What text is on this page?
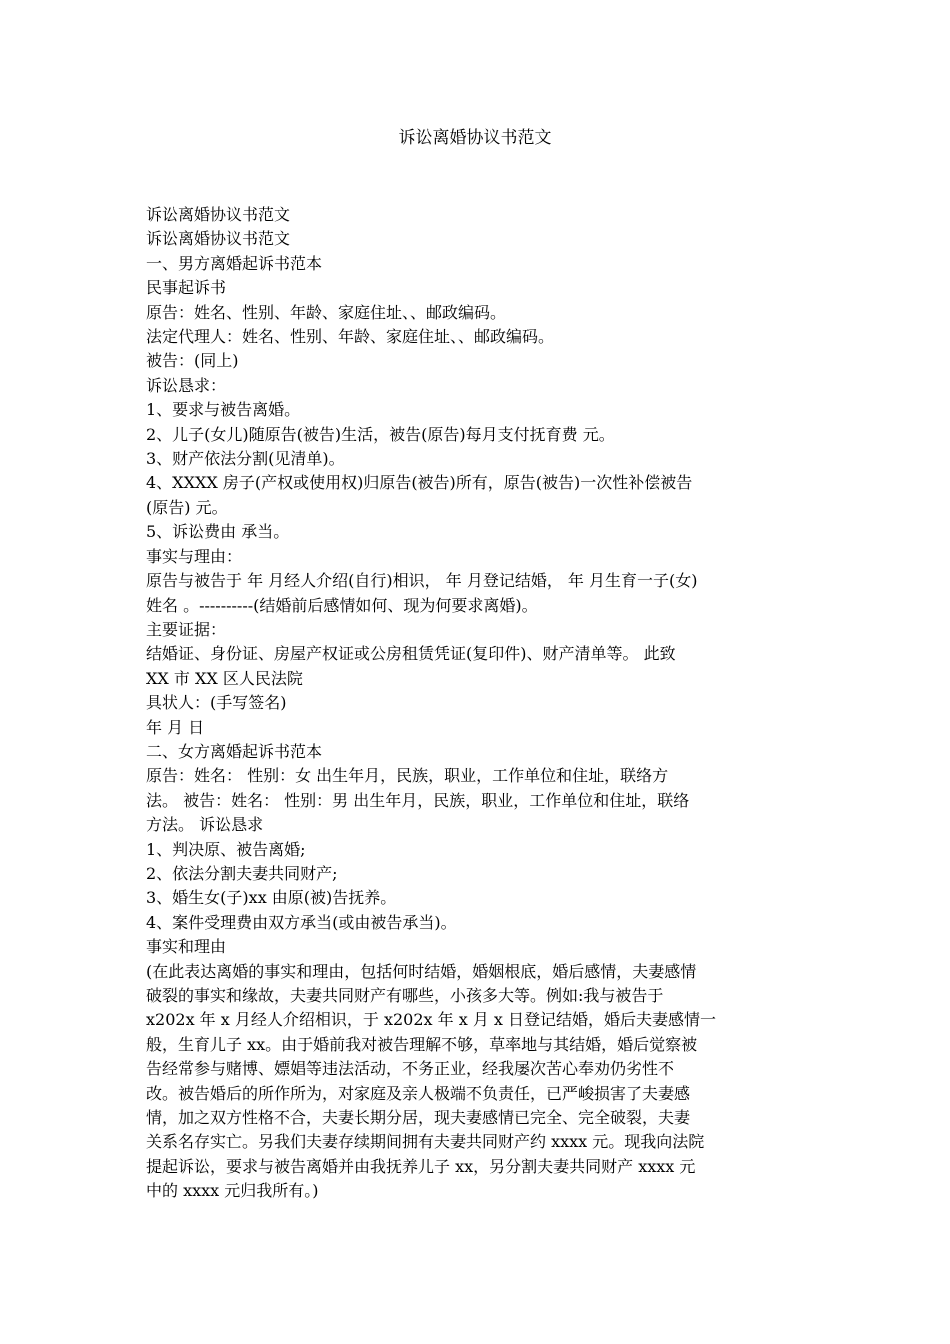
诉讼离婚协议书范文
诉讼离婚协议书范文
诉讼离婚协议书范文
一、男方离婚起诉书范本
民事起诉书
原告：姓名、性别、年龄、家庭住址、、邮政编码。
法定代理人：姓名、性别、年龄、家庭住址、、邮政编码。
被告：(同上)
诉讼恳求：
1、要求与被告离婚。
2、儿子(女儿)随原告(被告)生活，被告(原告)每月支付抚育费 元。
3、财产依法分割(见清单)。
4、XXXX 房子(产权或使用权)归原告(被告)所有，原告(被告)一次性补偿被告
(原告) 元。
5、诉讼费由 承当。
事实与理由：
原告与被告于 年 月经人介绍(自行)相识， 年 月登记结婚， 年 月生育一子(女)
姓名 。----------(结婚前后感情如何、现为何要求离婚)。
主要证据：
结婚证、身份证、房屋产权证或公房租赁凭证(复印件)、财产清单等。 此致
XX 市 XX 区人民法院
具状人：(手写签名)
年 月 日
二、女方离婚起诉书范本
原告：姓名： 性别：女 出生年月，民族，职业，工作单位和住址，联络方
法。 被告：姓名： 性别：男 出生年月，民族，职业，工作单位和住址，联络
方法。 诉讼恳求
1、判决原、被告离婚;
2、依法分割夫妻共同财产;
3、婚生女(子)xx 由原(被)告抚养。
4、案件受理费由双方承当(或由被告承当)。
事实和理由
(在此表达离婚的事实和理由，包括何时结婚，婚姻根底，婚后感情，夫妻感情
破裂的事实和缘故，夫妻共同财产有哪些，小孩多大等。例如:我与被告于
x202x 年 x 月经人介绍相识，于 x202x 年 x 月 x 日登记结婚，婚后夫妻感情一
般，生育儿子 xx。由于婚前我对被告理解不够，草率地与其结婚，婚后觉察被
告经常参与赌博、嫖娼等违法活动，不务正业，经我屡次苦心奉劝仍劣性不
改。被告婚后的所作所为，对家庭及亲人极端不负责任，已严峻损害了夫妻感
情，加之双方性格不合，夫妻长期分居，现夫妻感情已完全、完全破裂，夫妻
关系名存实亡。另我们夫妻存续期间拥有夫妻共同财产约 xxxx 元。现我向法院
提起诉讼，要求与被告离婚并由我抚养儿子 xx，另分割夫妻共同财产 xxxx 元
中的 xxxx 元归我所有。)
